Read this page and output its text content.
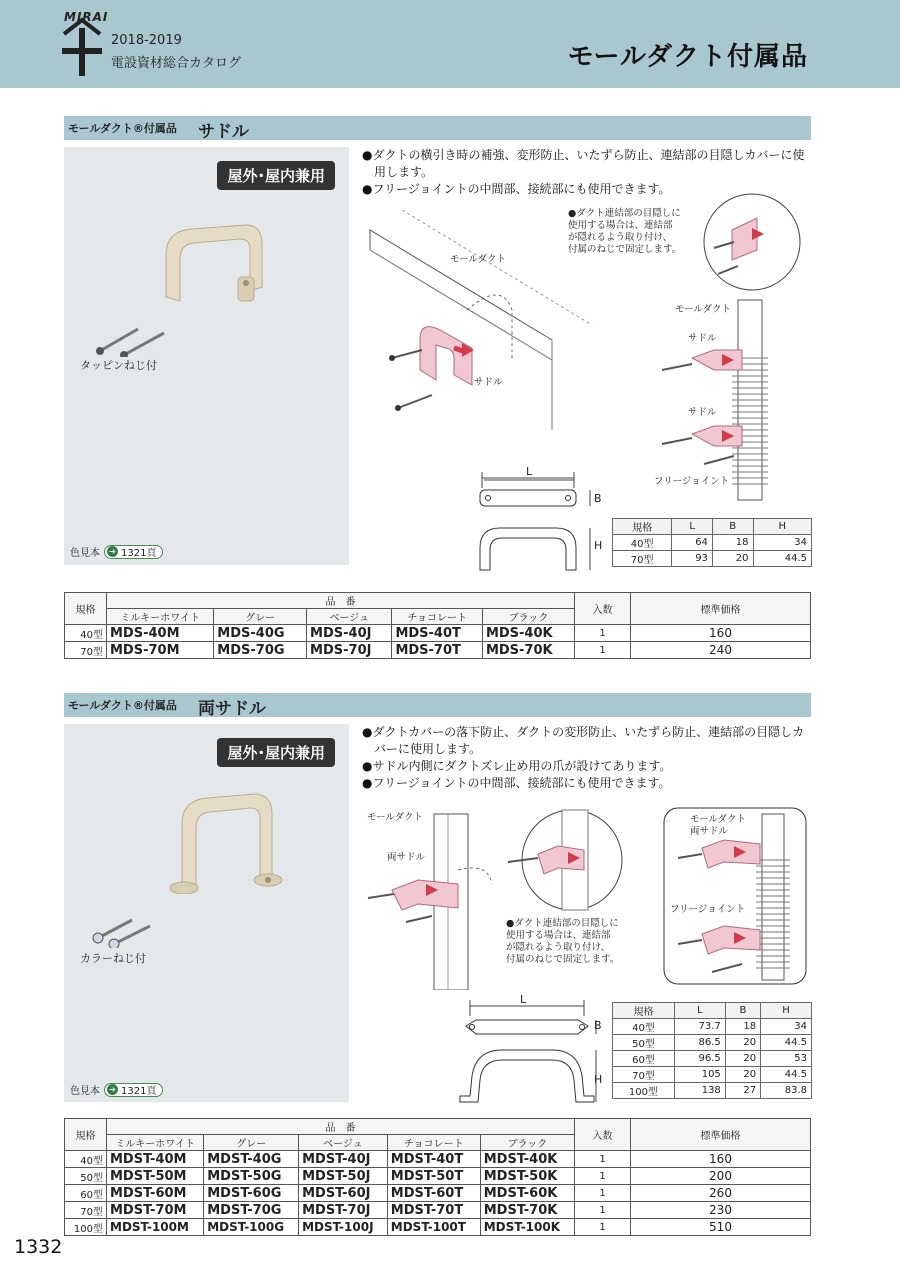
MIRAI
2018-2019
電設資材総合カタログ	モールダクト付属品
モールダクト®付属品 サドル
屋外･屋内兼用
タッピンねじ付
色見本 ➔ 1321頁
●ダクトの横引き時の補強、変形防止、いたずら防止、連結部の目隠しカバーに使用します。
●フリージョイントの中間部、接続部にも使用できます。
●ダクト連結部の目隠しに
使用する場合は、連結部
が隠れるよう取り付け、
付属のねじで固定します。
モールダクト
サドル
モールダクト
サドル
サドル
フリージョイント
L
B
H
規格	L	B	H
40型	64	18	34
70型	93	20	44.5
規格	品　番					入数	標準価格
	ミルキーホワイト	グレー	ベージュ	チョコレート	ブラック		
40型	MDS-40M	MDS-40G	MDS-40J	MDS-40T	MDS-40K	1	160
70型	MDS-70M	MDS-70G	MDS-70J	MDS-70T	MDS-70K	1	240
モールダクト®付属品 両サドル
屋外･屋内兼用
カラーねじ付
色見本 ➔ 1321頁
●ダクトカバーの落下防止、ダクトの変形防止、いたずら防止、連結部の目隠しカバーに使用します。
●サドル内側にダクトズレ止め用の爪が設けてあります。
●フリージョイントの中間部、接続部にも使用できます。
モールダクト
両サドル
モールダクト
両サドル
フリージョイント
●ダクト連結部の目隠しに
使用する場合は、連結部
が隠れるよう取り付け、
付属のねじで固定します。
L
B
H
規格	L	B	H
40型	73.7	18	34
50型	86.5	20	44.5
60型	96.5	20	53
70型	105	20	44.5
100型	138	27	83.8
規格	品　番					入数	標準価格
	ミルキーホワイト	グレー	ベージュ	チョコレート	ブラック		
40型	MDST-40M	MDST-40G	MDST-40J	MDST-40T	MDST-40K	1	160
50型	MDST-50M	MDST-50G	MDST-50J	MDST-50T	MDST-50K	1	200
60型	MDST-60M	MDST-60G	MDST-60J	MDST-60T	MDST-60K	1	260
70型	MDST-70M	MDST-70G	MDST-70J	MDST-70T	MDST-70K	1	230
100型	MDST-100M	MDST-100G	MDST-100J	MDST-100T	MDST-100K	1	510
1332
